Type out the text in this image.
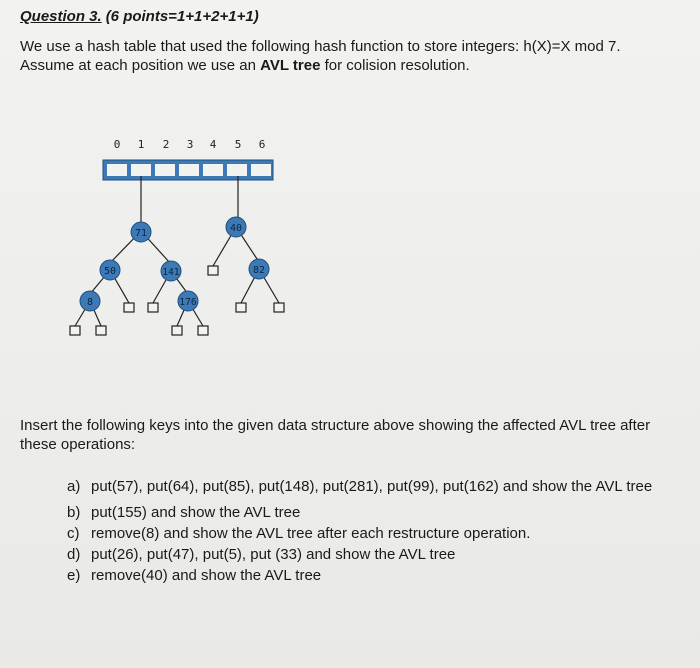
Question 3. (6 points=1+1+2+1+1)
We use a hash table that used the following hash function to store integers: h(X)=X mod 7.
Assume at each position we use an AVL tree for colision resolution.
0 1 2 3 4 5 6
71	40
50	141	82
8	176
Insert the following keys into the given data structure above showing the affected AVL tree after these operations:
a) put(57), put(64), put(85), put(148), put(281), put(99), put(162) and show the AVL tree
b) put(155) and show the AVL tree
c) remove(8) and show the AVL tree after each restructure operation.
d) put(26), put(47), put(5), put (33) and show the AVL tree
e) remove(40) and show the AVL tree
